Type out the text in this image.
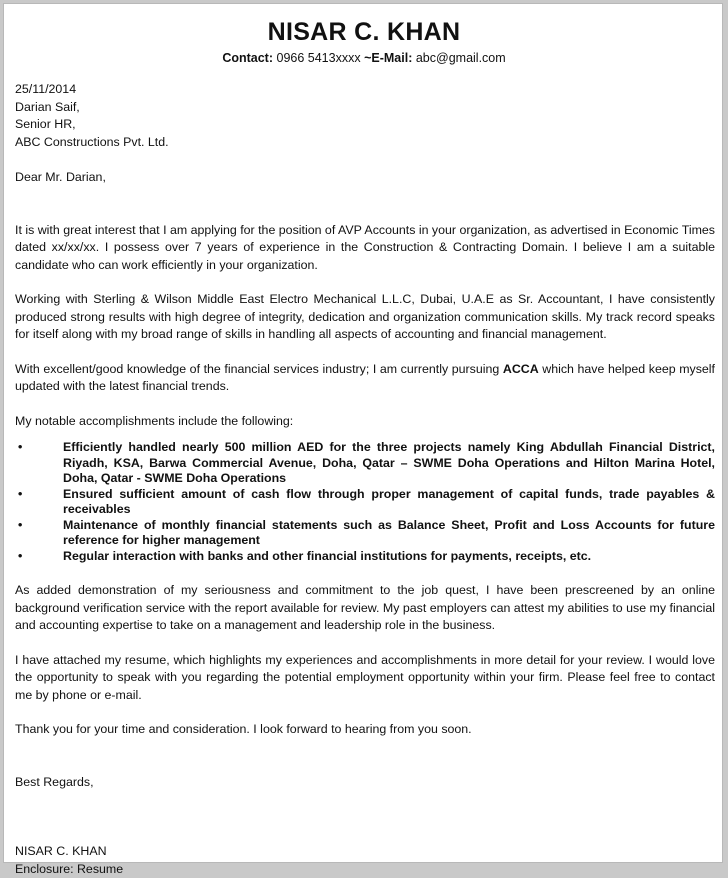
NISAR C. KHAN
Contact: 0966 5413xxxx ~E-Mail: abc@gmail.com

25/11/2014

Darian Saif,

Senior HR,

ABC Constructions Pvt. Ltd.

Dear Mr. Darian,

It is with great interest that I am applying for the position of AVP Accounts in your organization, as advertised in Economic Times dated xx/xx/xx. I possess over 7 years of experience in the Construction & Contracting Domain. I believe I am a suitable candidate who can work efficiently in your organization.

Working with Sterling & Wilson Middle East Electro Mechanical L.L.C, Dubai, U.A.E as Sr. Accountant, I have consistently produced strong results with high degree of integrity, dedication and organization communication skills. My track record speaks for itself along with my broad range of skills in handling all aspects of accounting and financial management.

With excellent/good knowledge of the financial services industry; I am currently pursuing ACCA which have helped keep myself updated with the latest financial trends.

My notable accomplishments include the following:

•	Efficiently handled nearly 500 million AED for the three projects namely King Abdullah Financial District, Riyadh, KSA, Barwa Commercial Avenue, Doha, Qatar – SWME Doha Operations and Hilton Marina Hotel, Doha, Qatar - SWME Doha Operations
•	Ensured sufficient amount of cash flow through proper management of capital funds, trade payables & receivables
•	Maintenance of monthly financial statements such as Balance Sheet, Profit and Loss Accounts for future reference for higher management
•	Regular interaction with banks and other financial institutions for payments, receipts, etc.

As added demonstration of my seriousness and commitment to the job quest, I have been prescreened by an online background verification service with the report available for review. My past employers can attest my abilities to use my financial and accounting expertise to take on a management and leadership role in the business.

I have attached my resume, which highlights my experiences and accomplishments in more detail for your review. I would love the opportunity to speak with you regarding the potential employment opportunity within your firm. Please feel free to contact me by phone or e-mail.

Thank you for your time and consideration. I look forward to hearing from you soon.

Best Regards,

NISAR C. KHAN

Enclosure: Resume
